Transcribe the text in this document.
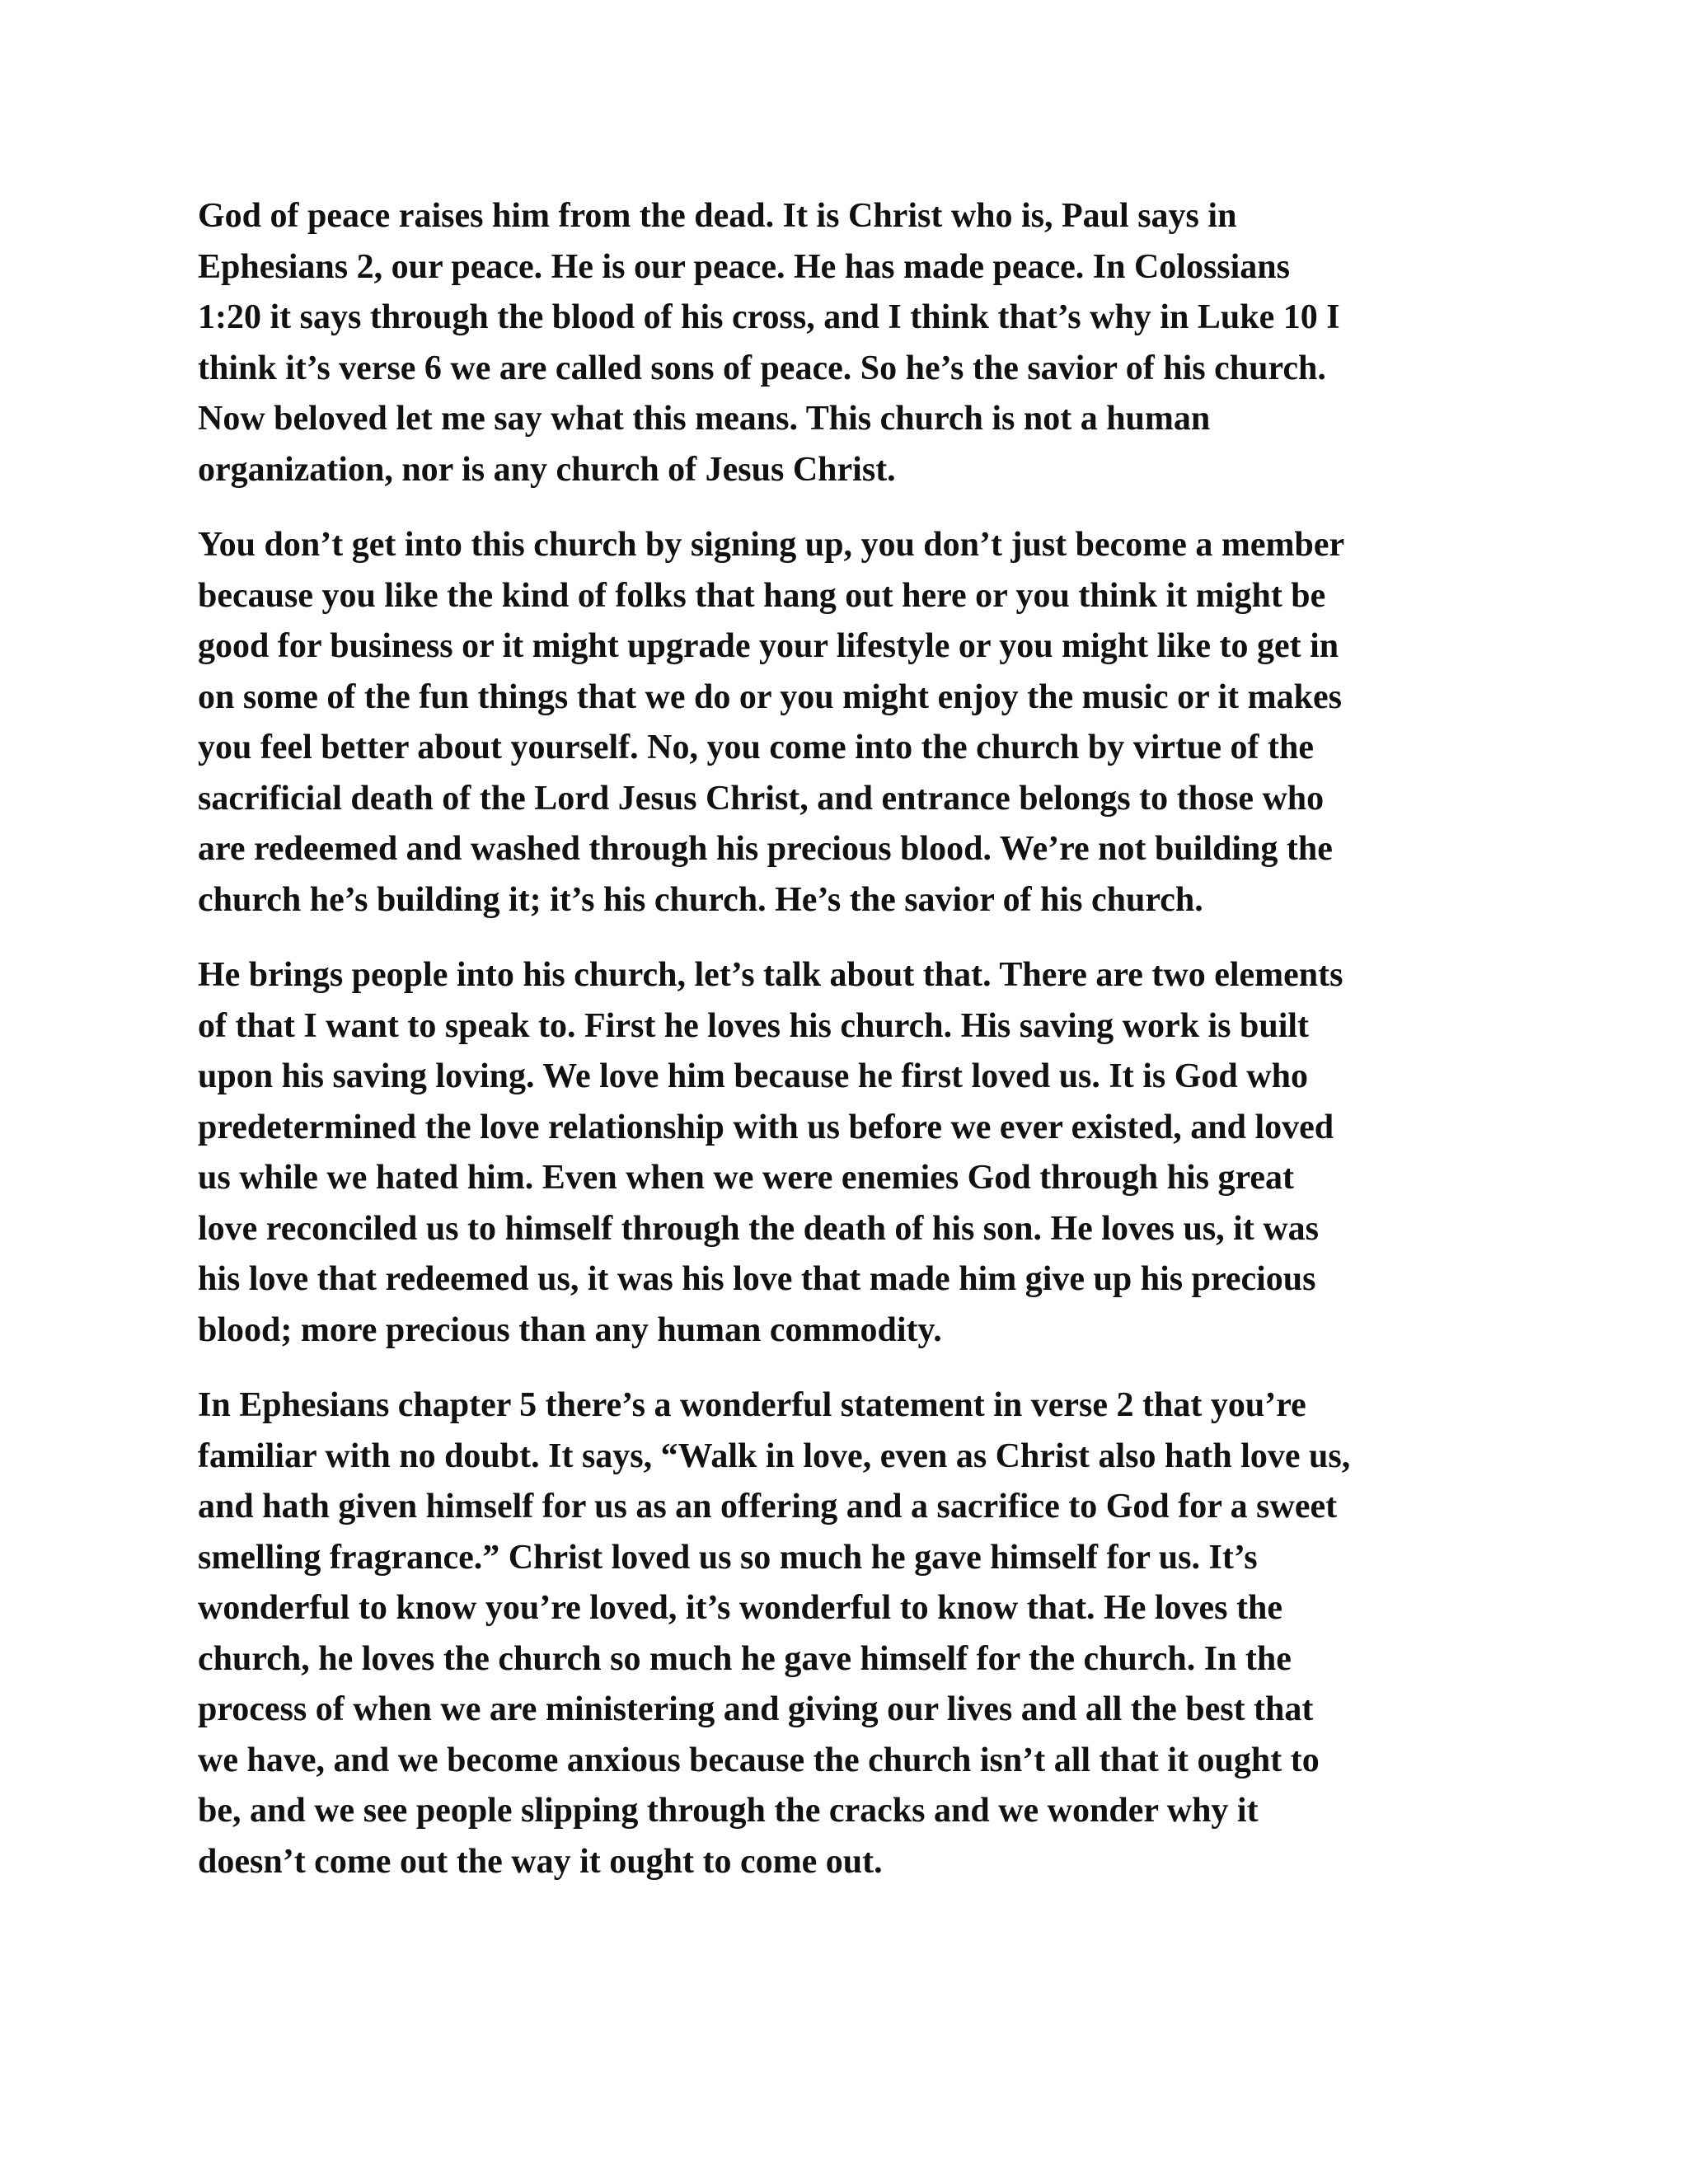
God of peace raises him from the dead. It is Christ who is, Paul says in
Ephesians 2, our peace. He is our peace. He has made peace. In Colossians
1:20 it says through the blood of his cross, and I think that’s why in Luke 10 I
think it’s verse 6 we are called sons of peace. So he’s the savior of his church.
Now beloved let me say what this means. This church is not a human
organization, nor is any church of Jesus Christ.

You don’t get into this church by signing up, you don’t just become a member
because you like the kind of folks that hang out here or you think it might be
good for business or it might upgrade your lifestyle or you might like to get in
on some of the fun things that we do or you might enjoy the music or it makes
you feel better about yourself. No, you come into the church by virtue of the
sacrificial death of the Lord Jesus Christ, and entrance belongs to those who
are redeemed and washed through his precious blood. We’re not building the
church he’s building it; it’s his church. He’s the savior of his church.

He brings people into his church, let’s talk about that. There are two elements
of that I want to speak to. First he loves his church. His saving work is built
upon his saving loving. We love him because he first loved us. It is God who
predetermined the love relationship with us before we ever existed, and loved
us while we hated him. Even when we were enemies God through his great
love reconciled us to himself through the death of his son. He loves us, it was
his love that redeemed us, it was his love that made him give up his precious
blood; more precious than any human commodity.

In Ephesians chapter 5 there’s a wonderful statement in verse 2 that you’re
familiar with no doubt. It says, “Walk in love, even as Christ also hath love us,
and hath given himself for us as an offering and a sacrifice to God for a sweet
smelling fragrance.” Christ loved us so much he gave himself for us. It’s
wonderful to know you’re loved, it’s wonderful to know that. He loves the
church, he loves the church so much he gave himself for the church. In the
process of when we are ministering and giving our lives and all the best that
we have, and we become anxious because the church isn’t all that it ought to
be, and we see people slipping through the cracks and we wonder why it
doesn’t come out the way it ought to come out.
